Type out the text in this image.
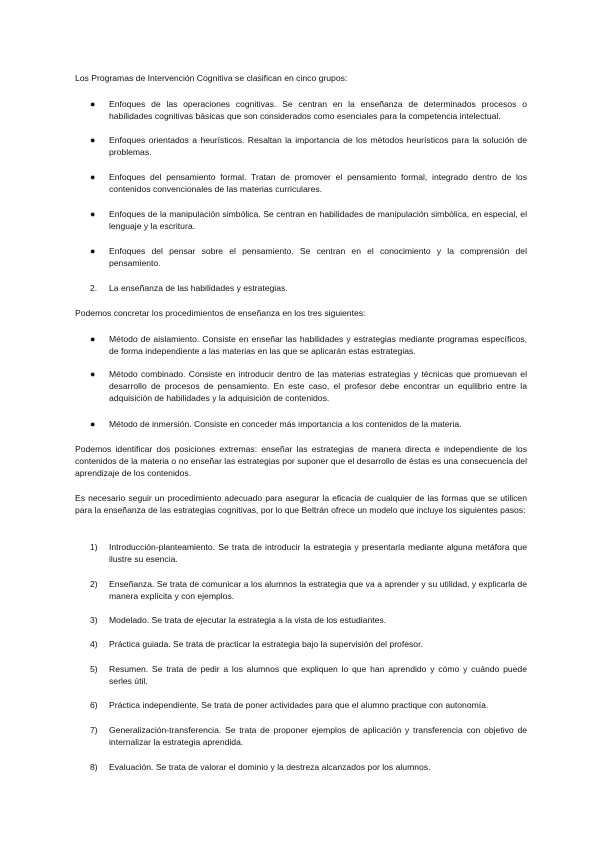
Los Programas de Intervención Cognitiva se clasifican en cinco grupos:

●	Enfoques de las operaciones cognitivas. Se centran en la enseñanza de determinados procesos o habilidades cognitivas básicas que son considerados como esenciales para la competencia intelectual.
●	Enfoques orientados a heurísticos. Resaltan la importancia de los métodos heurísticos para la solución de problemas.
●	Enfoques del pensamiento formal. Tratan de promover el pensamiento formal, integrado dentro de los contenidos convencionales de las materias curriculares.
●	Enfoques de la manipulación simbólica. Se centran en habilidades de manipulación simbólica, en especial, el lenguaje y la escritura.
●	Enfoques del pensar sobre el pensamiento. Se centran en el conocimiento y la comprensión del pensamiento.
2.	La enseñanza de las habilidades y estrategias.

Podemos concretar los procedimientos de enseñanza en los tres siguientes:

●	Método de aislamiento. Consiste en enseñar las habilidades y estrategias mediante programas específicos, de forma independiente a las materias en las que se aplicarán estas estrategias.
●	Método combinado. Consiste en introducir dentro de las materias estrategias y técnicas que promuevan el desarrollo de procesos de pensamiento. En este caso, el profesor debe encontrar un equilibrio entre la adquisición de habilidades y la adquisición de contenidos.
●	Método de inmersión. Consiste en conceder más importancia a los contenidos de la materia.

Podemos identificar dos posiciones extremas: enseñar las estrategias de manera directa e independiente de los contenidos de la materia o no enseñar las estrategias por suponer que el desarrollo de éstas es una consecuencia del aprendizaje de los contenidos.

Es necesario seguir un procedimiento adecuado para asegurar la eficacia de cualquier de las formas que se utilicen para la enseñanza de las estrategias cognitivas, por lo que Beltrán ofrece un modelo que incluye los siguientes pasos:

1)	Introducción-planteamiento. Se trata de introducir la estrategia y presentarla mediante alguna metáfora que ilustre su esencia.
2)	Enseñanza. Se trata de comunicar a los alumnos la estrategia que va a aprender y su utilidad, y explicarla de manera explícita y con ejemplos.
3)	Modelado. Se trata de ejecutar la estrategia a la vista de los estudiantes.
4)	Práctica guiada. Se trata de practicar la estrategia bajo la supervisión del profesor.
5)	Resumen. Se trata de pedir a los alumnos que expliquen lo que han aprendido y cómo y cuándo puede serles útil.
6)	Práctica independiente. Se trata de poner actividades para que el alumno practique con autonomía.
7)	Generalización-transferencia. Se trata de proponer ejemplos de aplicación y transferencia con objetivo de internalizar la estrategia aprendida.
8)	Evaluación. Se trata de valorar el dominio y la destreza alcanzados por los alumnos.
